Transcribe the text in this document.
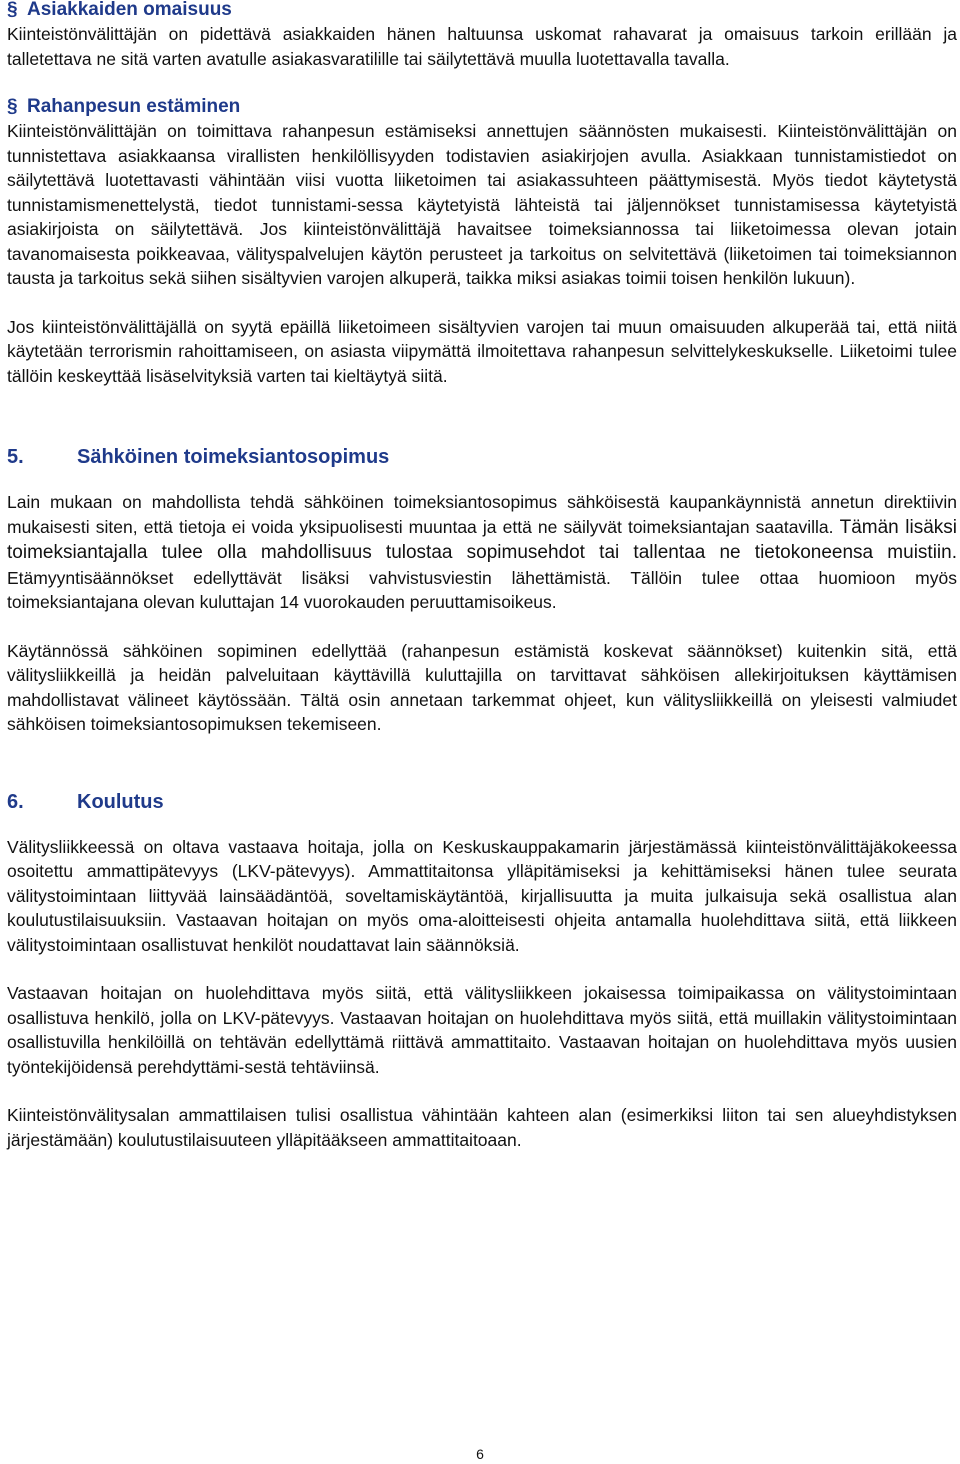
§ Asiakkaiden omaisuus

Kiinteistönvälittäjän on pidettävä asiakkaiden hänen haltuunsa uskomat rahavarat ja omaisuus tarkoin erillään ja talletettava ne sitä varten avatulle asiakasvaratilille tai säilytettävä muulla luotettavalla tavalla.

§ Rahanpesun estäminen

Kiinteistönvälittäjän on toimittava rahanpesun estämiseksi annettujen säännösten mukaisesti. Kiinteistönvälittäjän on tunnistettava asiakkaansa virallisten henkilöllisyyden todistavien asiakirjojen avulla. Asiakkaan tunnistamistiedot on säilytettävä luotettavasti vähintään viisi vuotta liiketoimen tai asiakassuhteen päättymisestä. Myös tiedot käytetystä tunnistamismenettelystä, tiedot tunnistami-sessa käytetyistä lähteistä tai jäljennökset tunnistamisessa käytetyistä asiakirjoista on säilytettävä. Jos kiinteistönvälittäjä havaitsee toimeksiannossa tai liiketoimessa olevan jotain tavanomaisesta poikkeavaa, välityspalvelujen käytön perusteet ja tarkoitus on selvitettävä (liiketoimen tai toimeksiannon tausta ja tarkoitus sekä siihen sisältyvien varojen alkuperä, taikka miksi asiakas toimii toisen henkilön lukuun).

Jos kiinteistönvälittäjällä on syytä epäillä liiketoimeen sisältyvien varojen tai muun omaisuuden alkuperää tai, että niitä käytetään terrorismin rahoittamiseen, on asiasta viipymättä ilmoitettava rahanpesun selvittelykeskukselle. Liiketoimi tulee tällöin keskeyttää lisäselvityksiä varten tai kieltäytyä siitä.

5.	Sähköinen toimeksiantosopimus

Lain mukaan on mahdollista tehdä sähköinen toimeksiantosopimus sähköisestä kaupankäynnistä annetun direktiivin mukaisesti siten, että tietoja ei voida yksipuolisesti muuntaa ja että ne säilyvät toimeksiantajan saatavilla. Tämän lisäksi toimeksiantajalla tulee olla mahdollisuus tulostaa sopimusehdot tai tallentaa ne tietokoneensa muistiin. Etämyyntisäännökset edellyttävät lisäksi vahvistusviestin lähettämistä. Tällöin tulee ottaa huomioon myös toimeksiantajana olevan kuluttajan 14 vuorokauden peruuttamisoikeus.

Käytännössä sähköinen sopiminen edellyttää (rahanpesun estämistä koskevat säännökset) kuitenkin sitä, että välitysliikkeillä ja heidän palveluitaan käyttävillä kuluttajilla on tarvittavat sähköisen allekirjoituksen käyttämisen mahdollistavat välineet käytössään. Tältä osin annetaan tarkemmat ohjeet, kun välitysliikkeillä on yleisesti valmiudet sähköisen toimeksiantosopimuksen tekemiseen.

6.	Koulutus

Välitysliikkeessä on oltava vastaava hoitaja, jolla on Keskuskauppakamarin järjestämässä kiinteistönvälittäjäkokeessa osoitettu ammattipätevyys (LKV-pätevyys). Ammattitaitonsa ylläpitämiseksi ja kehittämiseksi hänen tulee seurata välitystoimintaan liittyvää lainsäädäntöä, soveltamiskäytäntöä, kirjallisuutta ja muita julkaisuja sekä osallistua alan koulutustilaisuuksiin. Vastaavan hoitajan on myös oma-aloitteisesti ohjeita antamalla huolehdittava siitä, että liikkeen välitystoimintaan osallistuvat henkilöt noudattavat lain säännöksiä.

Vastaavan hoitajan on huolehdittava myös siitä, että välitysliikkeen jokaisessa toimipaikassa on välitystoimintaan osallistuva henkilö, jolla on LKV-pätevyys. Vastaavan hoitajan on huolehdittava myös siitä, että muillakin välitystoimintaan osallistuvilla henkilöillä on tehtävän edellyttämä riittävä ammattitaito. Vastaavan hoitajan on huolehdittava myös uusien työntekijöidensä perehdyttämi-sestä tehtäviinsä.

Kiinteistönvälitysalan ammattilaisen tulisi osallistua vähintään kahteen alan (esimerkiksi liiton tai sen alueyhdistyksen järjestämään) koulutustilaisuuteen ylläpitääkseen ammattitaitoaan.

6
